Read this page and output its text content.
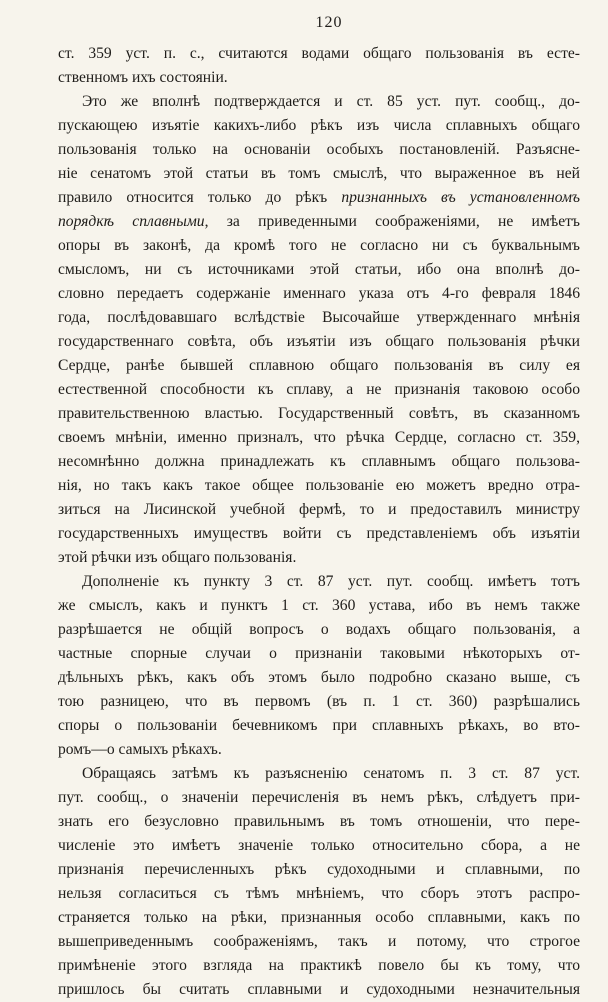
120
ст. 359 уст. п. с., считаются водами общаго пользованія въ есте-
ственномъ ихъ состояніи.
Это же вполнѣ подтверждается и ст. 85 уст. пут. сообщ., до-
пускающею изъятіе какихъ-либо рѣкъ изъ числа сплавныхъ общаго
пользованія только на основаніи особыхъ постановленій. Разъясне-
ніе сенатомъ этой статьи въ томъ смыслѣ, что выраженное въ ней
правило относится только до рѣкъ признанныхъ въ установленномъ
порядкѣ сплавными, за приведенными соображеніями, не имѣетъ
опоры въ законѣ, да кромѣ того не согласно ни съ буквальнымъ
смысломъ, ни съ источниками этой статьи, ибо она вполнѣ до-
словно передаетъ содержаніе именнаго указа отъ 4-го февраля 1846
года, послѣдовавшаго вслѣдствіе Высочайше утвержденнаго мнѣнія
государственнаго совѣта, объ изъятіи изъ общаго пользованія рѣчки
Сердце, ранѣе бывшей сплавною общаго пользованія въ силу ея
естественной способности къ сплаву, а не признанія таковою особо
правительственною властью. Государственный совѣтъ, въ сказанномъ
своемъ мнѣніи, именно призналъ, что рѣчка Сердце, согласно ст. 359,
несомнѣнно должна принадлежать къ сплавнымъ общаго пользова-
нія, но такъ какъ такое общее пользованіе ею можетъ вредно отра-
зиться на Лисинской учебной фермѣ, то и предоставилъ министру
государственныхъ имуществъ войти съ представленіемъ объ изъятіи
этой рѣчки изъ общаго пользованія.
Дополненіе къ пункту 3 ст. 87 уст. пут. сообщ. имѣетъ тотъ
же смыслъ, какъ и пунктъ 1 ст. 360 устава, ибо въ немъ также
разрѣшается не общій вопросъ о водахъ общаго пользованія, а
частные спорные случаи о признаніи таковыми нѣкоторыхъ от-
дѣльныхъ рѣкъ, какъ объ этомъ было подробно сказано выше, съ
тою разницею, что въ первомъ (въ п. 1 ст. 360) разрѣшались
споры о пользованіи бечевникомъ при сплавныхъ рѣкахъ, во вто-
ромъ—о самыхъ рѣкахъ.
Обращаясь затѣмъ къ разъясненію сенатомъ п. 3 ст. 87 уст.
пут. сообщ., о значеніи перечисленія въ немъ рѣкъ, слѣдуетъ при-
знать его безусловно правильнымъ въ томъ отношеніи, что пере-
численіе это имѣетъ значеніе только относительно сбора, а не
признанія перечисленныхъ рѣкъ судоходными и сплавными, по
нельзя согласиться съ тѣмъ мнѣніемъ, что сборъ этотъ распро-
страняется только на рѣки, признанныя особо сплавными, какъ по
вышеприведеннымъ соображеніямъ, такъ и потому, что строгое
примѣненіе этого взгляда на практикѣ повело бы къ тому, что
пришлось бы считать сплавными и судоходными незначительныя
